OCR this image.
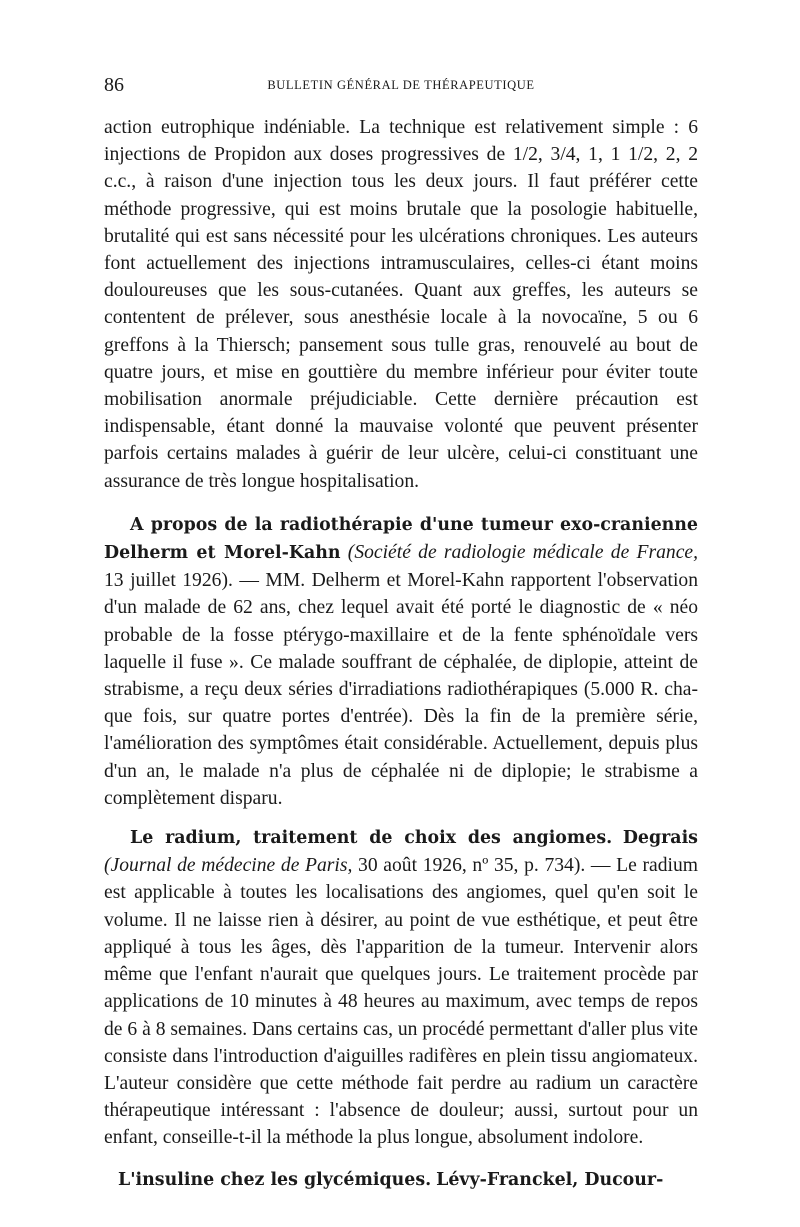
86	BULLETIN GÉNÉRAL DE THÉRAPEUTIQUE

action eutrophique indéniable. La technique est relativement simple : 6 injections de Propidon aux doses progressives de 1/2, 3/4, 1, 1 1/2, 2, 2 c.c., à raison d'une injection tous les deux jours. Il faut préférer cette méthode progressive, qui est moins brutale que la posologie habituelle, brutalité qui est sans nécessité pour les ulcérations chroniques. Les auteurs font actuellement des injections intramusculaires, celles-ci étant moins douloureuses que les sous-cutanées. Quant aux greffes, les auteurs se contentent de prélever, sous anesthésie locale à la novocaïne, 5 ou 6 greffons à la Thiersch; pansement sous tulle gras, renouvelé au bout de quatre jours, et mise en gouttière du membre inférieur pour éviter toute mobilisation anormale préjudiciable. Cette dernière précaution est indispensable, étant donné la mauvaise volonté que peuvent présenter parfois certains malades à guérir de leur ulcère, celui-ci constituant une assurance de très longue hospitalisation.

A propos de la radiothérapie d'une tumeur exo-cranienne Delherm et Morel-Kahn (Société de radiologie médicale de France, 13 juillet 1926). — MM. Delherm et Morel-Kahn rapportent l'observation d'un malade de 62 ans, chez lequel avait été porté le diagnostic de « néo probable de la fosse ptérygo-maxillaire et de la fente sphénoïdale vers laquelle il fuse ». Ce malade souffrant de céphalée, de diplopie, atteint de strabisme, a reçu deux séries d'irradiations radiothérapiques (5.000 R. chaque fois, sur quatre portes d'entrée). Dès la fin de la première série, l'amélioration des symptômes était considérable. Actuellement, depuis plus d'un an, le malade n'a plus de céphalée ni de diplopie; le strabisme a complètement disparu.

Le radium, traitement de choix des angiomes. Degrais (Journal de médecine de Paris, 30 août 1926, nº 35, p. 734). — Le radium est applicable à toutes les localisations des angiomes, quel qu'en soit le volume. Il ne laisse rien à désirer, au point de vue esthétique, et peut être appliqué à tous les âges, dès l'apparition de la tumeur. Intervenir alors même que l'enfant n'aurait que quelques jours. Le traitement procède par applications de 10 minutes à 48 heures au maximum, avec temps de repos de 6 à 8 semaines. Dans certains cas, un procédé permettant d'aller plus vite consiste dans l'introduction d'aiguilles radifères en plein tissu angiomateux. L'auteur considère que cette méthode fait perdre au radium un caractère thérapeutique intéressant : l'absence de douleur; aussi, surtout pour un enfant, conseille-t-il la méthode la plus longue, absolument indolore.

L'insuline chez les glycémiques. Lévy-Franckel, Ducour-
